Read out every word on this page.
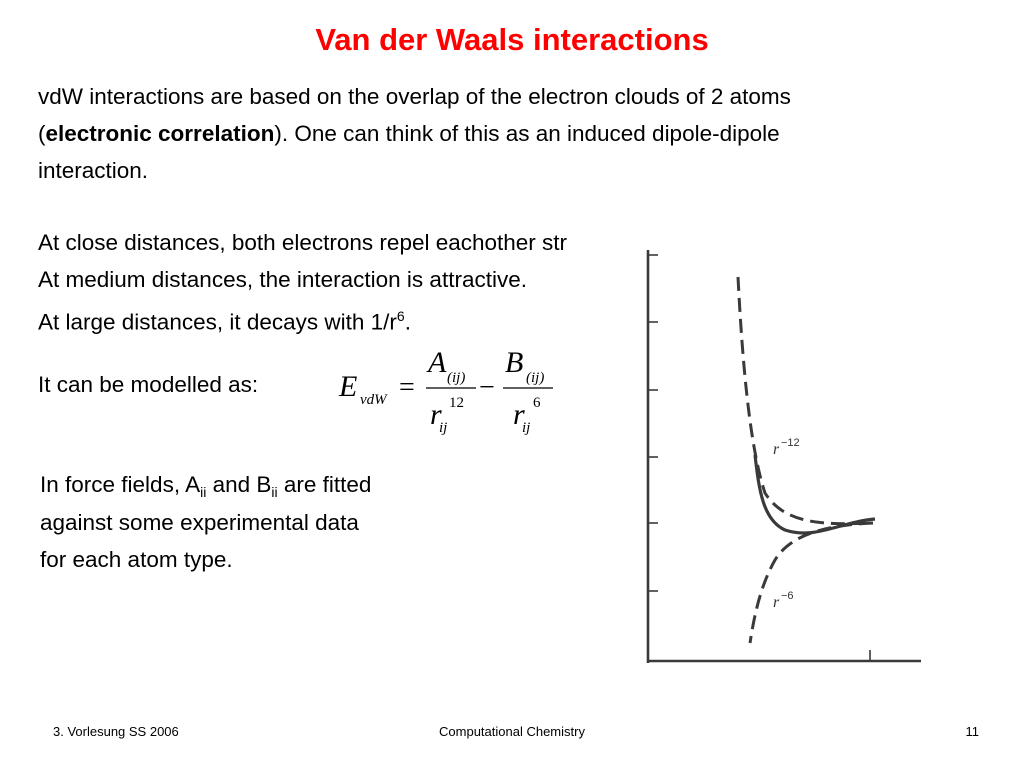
Van der Waals interactions
vdW interactions are based on the overlap of the electron clouds of 2 atoms
(electronic correlation). One can think of this as an induced dipole-dipole
interaction.
At close distances, both electrons repel eachother str
At medium distances, the interaction is attractive.
At large distances, it decays with $1/r^6$.
It can be modelled as:	E vdW =
A (ij)
12
r
ij
−
B (ij)
6
r
ij
In force fields, $A_{ii}$ and $B_{ii}$ are fitted
against some experimental data
for each atom type.
r −12
r −6
3. Vorlesung SS 2006	Computational Chemistry	11
